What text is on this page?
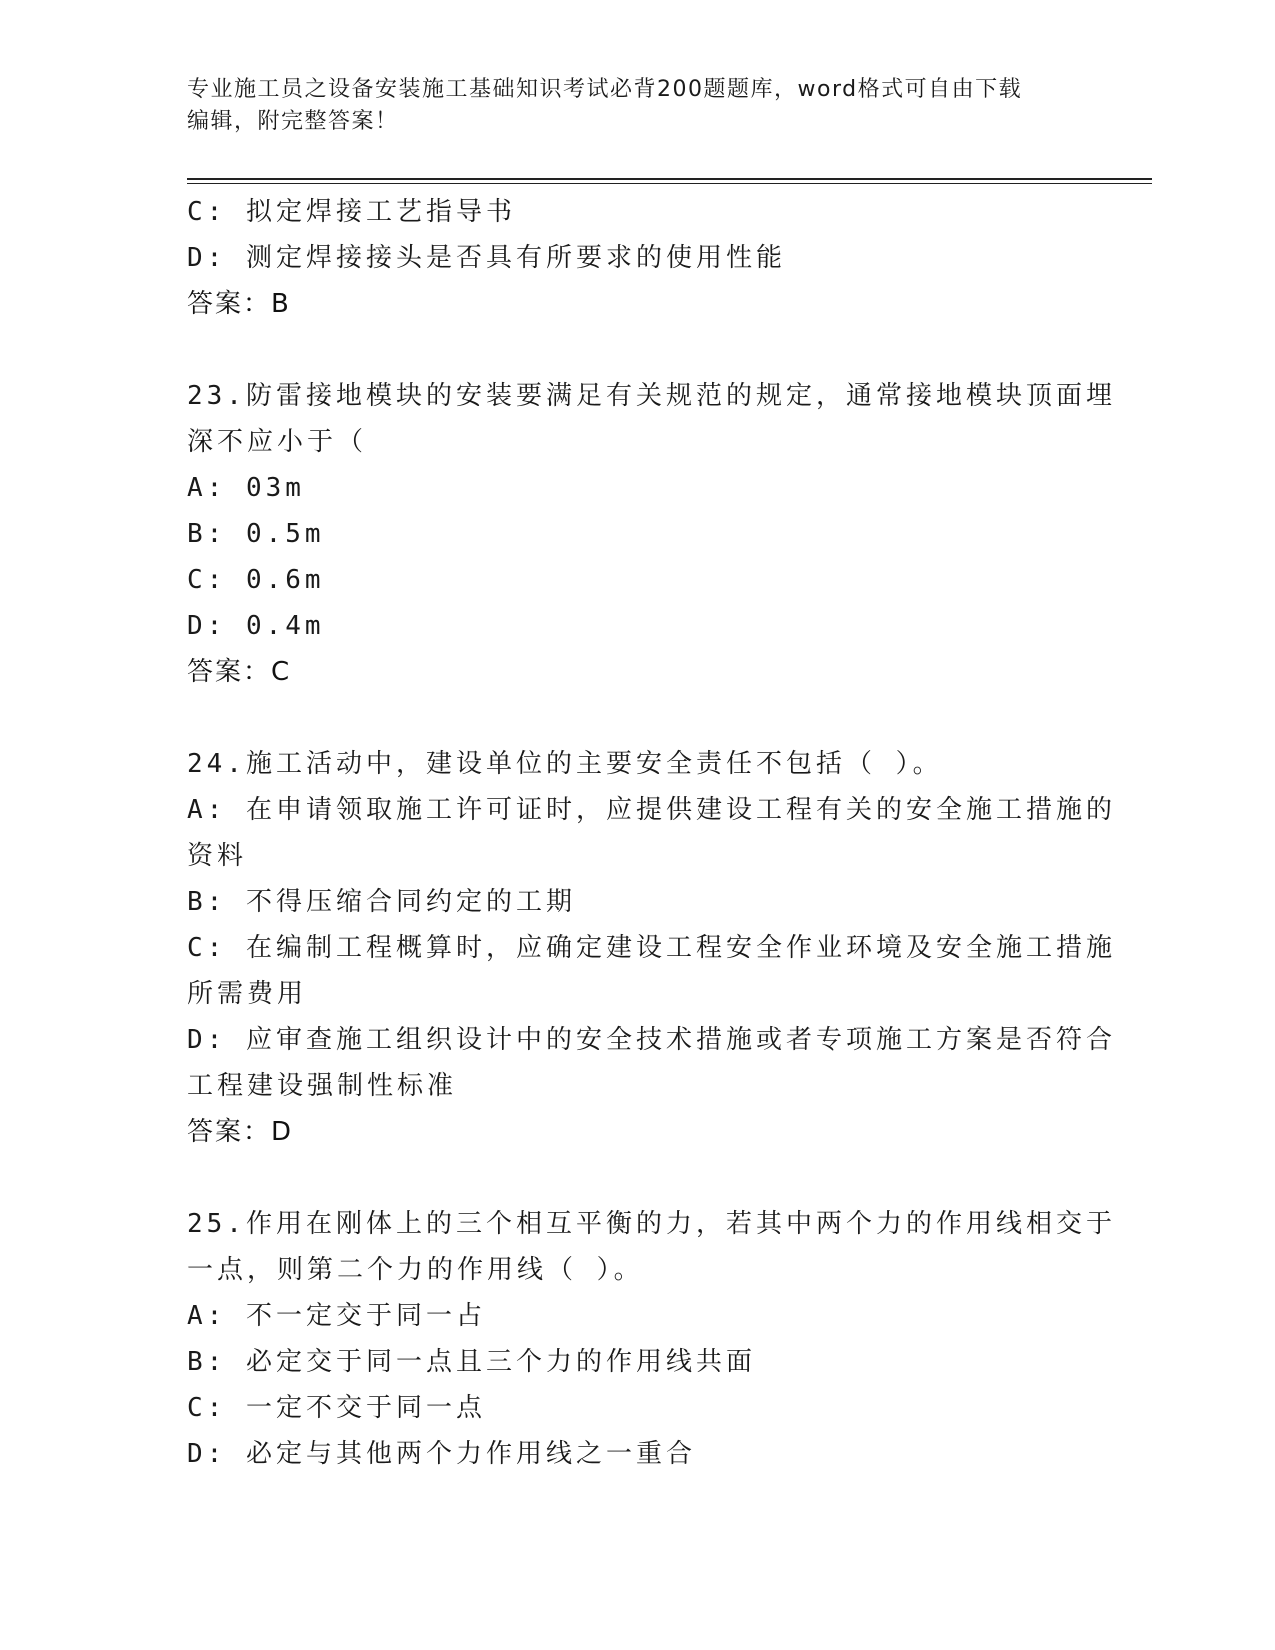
专业施工员之设备安装施工基础知识考试必背200题题库，word格式可自由下载
编辑，附完整答案！
C: 拟定焊接工艺指导书
D: 测定焊接接头是否具有所要求的使用性能
答案：B
23.防雷接地模块的安装要满足有关规范的规定，通常接地模块顶面埋
深不应小于（
A: 03m
B: 0.5m
C: 0.6m
D: 0.4m
答案：C
24.施工活动中，建设单位的主要安全责任不包括（ ）。
A: 在申请领取施工许可证时，应提供建设工程有关的安全施工措施的
资料
B: 不得压缩合同约定的工期
C: 在编制工程概算时，应确定建设工程安全作业环境及安全施工措施
所需费用
D: 应审查施工组织设计中的安全技术措施或者专项施工方案是否符合
工程建设强制性标准
答案：D
25.作用在刚体上的三个相互平衡的力，若其中两个力的作用线相交于
一点，则第二个力的作用线（ ）。
A: 不一定交于同一占
B: 必定交于同一点且三个力的作用线共面
C: 一定不交于同一点
D: 必定与其他两个力作用线之一重合
